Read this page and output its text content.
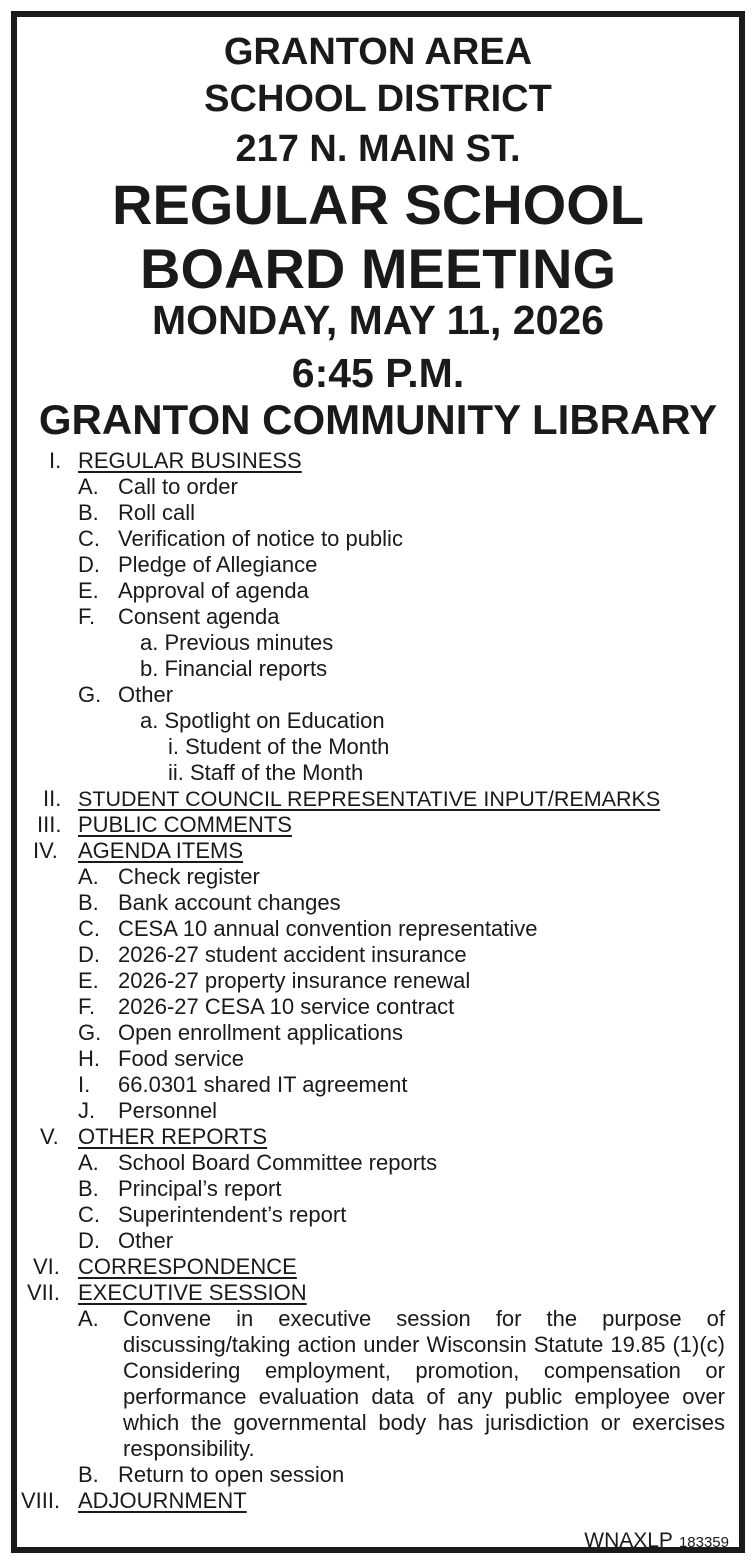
GRANTON AREA
SCHOOL DISTRICT
217 N. MAIN ST.
REGULAR SCHOOL
BOARD MEETING
MONDAY, MAY 11, 2026
6:45 P.M.
GRANTON COMMUNITY LIBRARY
I. REGULAR BUSINESS
A. Call to order
B. Roll call
C. Verification of notice to public
D. Pledge of Allegiance
E. Approval of agenda
F. Consent agenda
a. Previous minutes
b. Financial reports
G. Other
a. Spotlight on Education
i. Student of the Month
ii. Staff of the Month
II. STUDENT COUNCIL REPRESENTATIVE INPUT/REMARKS
III. PUBLIC COMMENTS
IV. AGENDA ITEMS
A. Check register
B. Bank account changes
C. CESA 10 annual convention representative
D. 2026-27 student accident insurance
E. 2026-27 property insurance renewal
F. 2026-27 CESA 10 service contract
G. Open enrollment applications
H. Food service
I. 66.0301 shared IT agreement
J. Personnel
V. OTHER REPORTS
A. School Board Committee reports
B. Principal’s report
C. Superintendent’s report
D. Other
VI. CORRESPONDENCE
VII. EXECUTIVE SESSION
A. Convene in executive session for the purpose of discussing/taking action under Wisconsin Statute 19.85 (1)(c) Considering employment, promotion, compensation or performance evaluation data of any public employee over which the governmental body has jurisdiction or exercises responsibility.
B. Return to open session
VIII. ADJOURNMENT
WNAXLP 183359
